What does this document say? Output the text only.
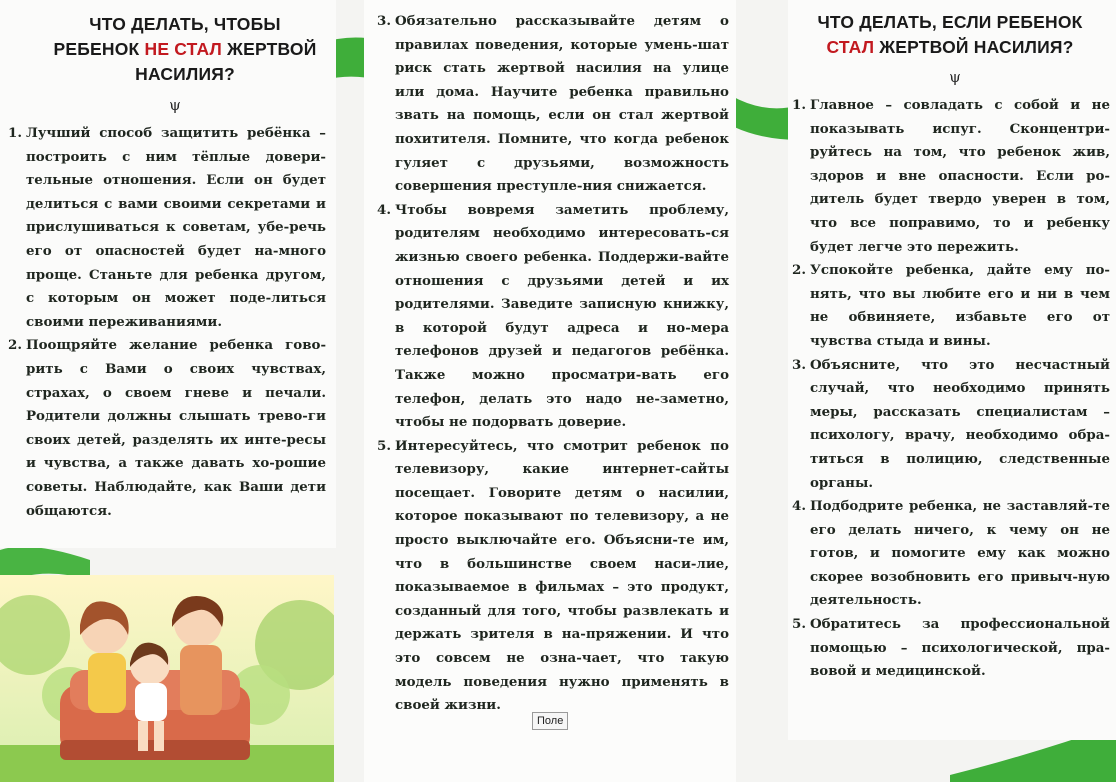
ЧТО ДЕЛАТЬ, ЧТОБЫ
РЕБЕНОК НЕ СТАЛ ЖЕРТВОЙ
НАСИЛИЯ?
ψ
1. Лучший способ защитить ребёнка – построить с ним тёплые довери-тельные отношения. Если он будет делиться с вами своими секретами и прислушиваться к советам, убе-речь его от опасностей будет на-много проще. Станьте для ребенка другом, с которым он может поде-литься своими переживаниями.
2. Поощряйте желание ребенка гово-рить с Вами о своих чувствах, страхах, о своем гневе и печали. Родители должны слышать трево-ги своих детей, разделять их инте-ресы и чувства, а также давать хо-рошие советы. Наблюдайте, как Ваши дети общаются.
3. Обязательно рассказывайте детям о правилах поведения, которые умень-шат риск стать жертвой насилия на улице или дома. Научите ребенка правильно звать на помощь, если он стал жертвой похитителя. Помните, что когда ребенок гуляет с друзьями, возможность совершения преступле-ния снижается.
4. Чтобы вовремя заметить проблему, родителям необходимо интересовать-ся жизнью своего ребенка. Поддержи-вайте отношения с друзьями детей и их родителями. Заведите записную книжку, в которой будут адреса и но-мера телефонов друзей и педагогов ребёнка. Также можно просматри-вать его телефон, делать это надо не-заметно, чтобы не подорвать доверие.
5. Интересуйтесь, что смотрит ребенок по телевизору, какие интернет-сайты посещает. Говорите детям о насилии, которое показывают по телевизору, а не просто выключайте его. Объясни-те им, что в большинстве своем наси-лие, показываемое в фильмах – это продукт, созданный для того, чтобы развлекать и держать зрителя в на-пряжении. И что это совсем не озна-чает, что такую модель поведения нужно применять в своей жизни.
ЧТО ДЕЛАТЬ, ЕСЛИ РЕБЕНОК
СТАЛ ЖЕРТВОЙ НАСИЛИЯ?
ψ
1. Главное – совладать с собой и не показывать испуг. Сконцентри-руйтесь на том, что ребенок жив, здоров и вне опасности. Если ро-дитель будет твердо уверен в том, что все поправимо, то и ребенку будет легче это пережить.
2. Успокойте ребенка, дайте ему по-нять, что вы любите его и ни в чем не обвиняете, избавьте его от чувства стыда и вины.
3. Объясните, что это несчастный случай, что необходимо принять меры, рассказать специалистам – психологу, врачу, необходимо обра-титься в полицию, следственные органы.
4. Подбодрите ребенка, не заставляй-те его делать ничего, к чему он не готов, и помогите ему как можно скорее возобновить его привыч-ную деятельность.
5. Обратитесь за профессиональной помощью – психологической, пра-вовой и медицинской.
Поле
